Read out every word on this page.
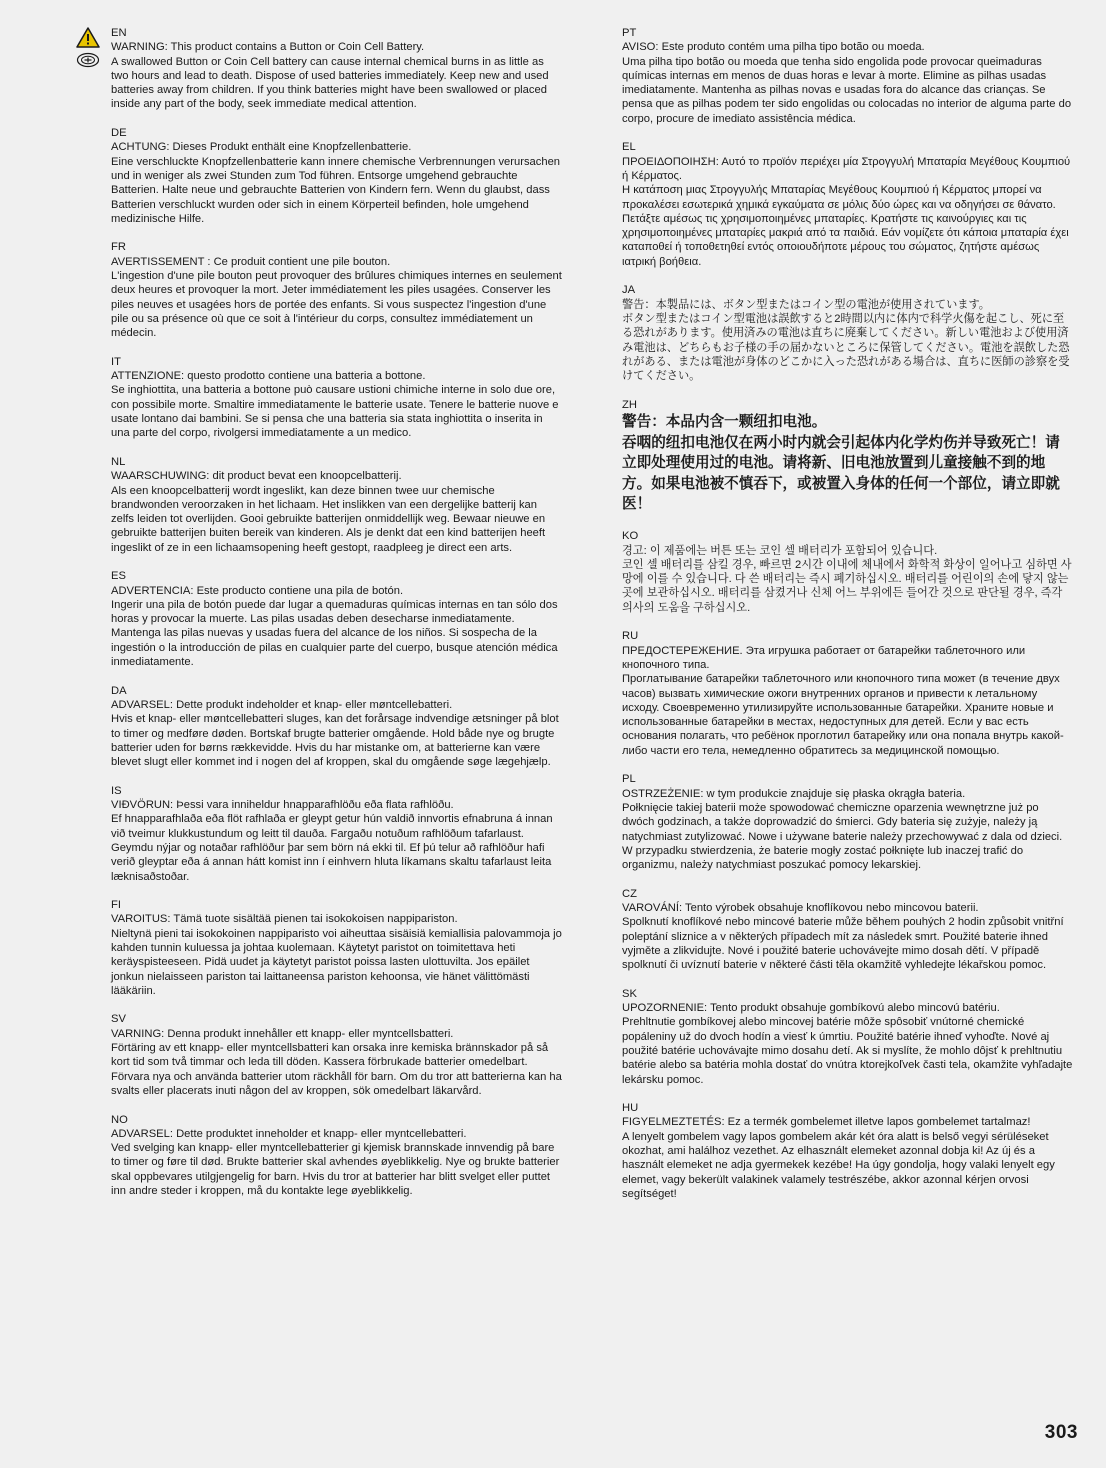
EN

WARNING: This product contains a Button or Coin Cell Battery.
A swallowed Button or Coin Cell battery can cause internal chemical burns in as little as two hours and lead to death. Dispose of used batteries immediately. Keep new and used batteries away from children. If you think batteries might have been swallowed or placed inside any part of the body, seek immediate medical attention.

DE

ACHTUNG: Dieses Produkt enthält eine Knopfzellenbatterie.
Eine verschluckte Knopfzellenbatterie kann innere chemische Verbrennungen verursachen und in weniger als zwei Stunden zum Tod führen. Entsorge umgehend gebrauchte Batterien. Halte neue und gebrauchte Batterien von Kindern fern. Wenn du glaubst, dass Batterien verschluckt wurden oder sich in einem Körperteil befinden, hole umgehend medizinische Hilfe.

FR

AVERTISSEMENT : Ce produit contient une pile bouton.
L'ingestion d'une pile bouton peut provoquer des brûlures chimiques internes en seulement deux heures et provoquer la mort. Jeter immédiatement les piles usagées. Conserver les piles neuves et usagées hors de portée des enfants. Si vous suspectez l'ingestion d'une pile ou sa présence où que ce soit à l'intérieur du corps, consultez immédiatement un médecin.

IT

ATTENZIONE: questo prodotto contiene una batteria a bottone.
Se inghiottita, una batteria a bottone può causare ustioni chimiche interne in solo due ore, con possibile morte. Smaltire immediatamente le batterie usate. Tenere le batterie nuove e usate lontano dai bambini. Se si pensa che una batteria sia stata inghiottita o inserita in una parte del corpo, rivolgersi immediatamente a un medico.

NL

WAARSCHUWING: dit product bevat een knoopcelbatterij.
Als een knoopcelbatterij wordt ingeslikt, kan deze binnen twee uur chemische brandwonden veroorzaken in het lichaam. Het inslikken van een dergelijke batterij kan zelfs leiden tot overlijden. Gooi gebruikte batterijen onmiddellijk weg. Bewaar nieuwe en gebruikte batterijen buiten bereik van kinderen. Als je denkt dat een kind batterijen heeft ingeslikt of ze in een lichaamsopening heeft gestopt, raadpleeg je direct een arts.

ES

ADVERTENCIA: Este producto contiene una pila de botón.
Ingerir una pila de botón puede dar lugar a quemaduras químicas internas en tan sólo dos horas y provocar la muerte. Las pilas usadas deben desecharse inmediatamente. Mantenga las pilas nuevas y usadas fuera del alcance de los niños. Si sospecha de la ingestión o la introducción de pilas en cualquier parte del cuerpo, busque atención médica inmediatamente.

DA

ADVARSEL: Dette produkt indeholder et knap- eller møntcellebatteri.
Hvis et knap- eller møntcellebatteri sluges, kan det forårsage indvendige ætsninger på blot to timer og medføre døden. Bortskaf brugte batterier omgående. Hold både nye og brugte batterier uden for børns rækkevidde. Hvis du har mistanke om, at batterierne kan være blevet slugt eller kommet ind i nogen del af kroppen, skal du omgående søge lægehjælp.

IS

VIÐVÖRUN: Þessi vara inniheldur hnapparafhlöðu eða flata rafhlöðu.
Ef hnapparafhlaða eða flöt rafhlaða er gleypt getur hún valdið innvortis efnabruna á innan við tveimur klukkustundum og leitt til dauða. Fargaðu notuðum rafhlöðum tafarlaust. Geymdu nýjar og notaðar rafhlöður þar sem börn ná ekki til. Ef þú telur að rafhlöður hafi verið gleyptar eða á annan hátt komist inn í einhvern hluta líkamans skaltu tafarlaust leita læknisaðstoðar.

FI

VAROITUS: Tämä tuote sisältää pienen tai isokokoisen nappipariston.
Nieltynä pieni tai isokokoinen nappiparisto voi aiheuttaa sisäisiä kemiallisia palovammoja jo kahden tunnin kuluessa ja johtaa kuolemaan. Käytetyt paristot on toimitettava heti keräyspisteeseen. Pidä uudet ja käytetyt paristot poissa lasten ulottuvilta. Jos epäilet jonkun nielaisseen pariston tai laittaneensa pariston kehoonsa, vie hänet välittömästi lääkäriin.

SV

VARNING: Denna produkt innehåller ett knapp- eller myntcellsbatteri.
Förtäring av ett knapp- eller myntcellsbatteri kan orsaka inre kemiska brännskador på så kort tid som två timmar och leda till döden. Kassera förbrukade batterier omedelbart. Förvara nya och använda batterier utom räckhåll för barn. Om du tror att batterierna kan ha svalts eller placerats inuti någon del av kroppen, sök omedelbart läkarvård.

NO

ADVARSEL: Dette produktet inneholder et knapp- eller myntcellebatteri.
Ved svelging kan knapp- eller myntcellebatterier gi kjemisk brannskade innvendig på bare to timer og føre til død. Brukte batterier skal avhendes øyeblikkelig. Nye og brukte batterier skal oppbevares utilgjengelig for barn. Hvis du tror at batterier har blitt svelget eller puttet inn andre steder i kroppen, må du kontakte lege øyeblikkelig.

PT

AVISO: Este produto contém uma pilha tipo botão ou moeda.
Uma pilha tipo botão ou moeda que tenha sido engolida pode provocar queimaduras químicas internas em menos de duas horas e levar à morte. Elimine as pilhas usadas imediatamente. Mantenha as pilhas novas e usadas fora do alcance das crianças. Se pensa que as pilhas podem ter sido engolidas ou colocadas no interior de alguma parte do corpo, procure de imediato assistência médica.

EL

ΠΡΟΕΙΔΟΠΟΙΗΣΗ: Αυτό το προϊόν περιέχει μία Στρογγυλή Μπαταρία Μεγέθους Κουμπιού ή Κέρματος.
Η κατάποση μιας Στρογγυλής Μπαταρίας Μεγέθους Κουμπιού ή Κέρματος μπορεί να προκαλέσει εσωτερικά χημικά εγκαύματα σε μόλις δύο ώρες και να οδηγήσει σε θάνατο. Πετάξτε αμέσως τις χρησιμοποιημένες μπαταρίες. Κρατήστε τις καινούργιες και τις χρησιμοποιημένες μπαταρίες μακριά από τα παιδιά. Εάν νομίζετε ότι κάποια μπαταρία έχει καταποθεί ή τοποθετηθεί εντός οποιουδήποτε μέρους του σώματος, ζητήστε αμέσως ιατρική βοήθεια.

JA

警告：本製品には、ボタン型またはコイン型の電池が使用されています。
ボタン型またはコイン型電池は誤飲すると2時間以内に体内で科学火傷を起こし、死に至る恐れがあります。使用済みの電池は直ちに廃棄してください。新しい電池および使用済み電池は、どちらもお子様の手の届かないところに保管してください。電池を誤飲した恐れがある、または電池が身体のどこかに入った恐れがある場合は、直ちに医師の診察を受けてください。

ZH

警告：本品内含一颗纽扣电池。
吞咽的纽扣电池仅在两小时内就会引起体内化学灼伤并导致死亡！请立即处理使用过的电池。请将新、旧电池放置到儿童接触不到的地方。如果电池被不慎吞下，或被置入身体的任何一个部位，请立即就医！

KO

경고: 이 제품에는 버튼 또는 코인 셀 배터리가 포함되어 있습니다.
코인 셀 배터리를 삼킬 경우, 빠르면 2시간 이내에 체내에서 화학적 화상이 일어나고 심하면 사망에 이를 수 있습니다. 다 쓴 배터리는 즉시 폐기하십시오. 배터리를 어린이의 손에 닿지 않는 곳에 보관하십시오. 배터리를 삼켰거나 신체 어느 부위에든 들어간 것으로 판단될 경우, 즉각 의사의 도움을 구하십시오.

RU

ПРЕДОСТЕРЕЖЕНИЕ. Эта игрушка работает от батарейки таблеточного или кнопочного типа.
Проглатывание батарейки таблеточного или кнопочного типа может (в течение двух часов) вызвать химические ожоги внутренних органов и привести к летальному исходу. Своевременно утилизируйте использованные батарейки. Храните новые и использованные батарейки в местах, недоступных для детей. Если у вас есть основания полагать, что ребёнок проглотил батарейку или она попала внутрь какой-либо части его тела, немедленно обратитесь за медицинской помощью.

PL

OSTRZEŻENIE: w tym produkcie znajduje się płaska okrągła bateria.
Połknięcie takiej baterii może spowodować chemiczne oparzenia wewnętrzne już po dwóch godzinach, a także doprowadzić do śmierci. Gdy bateria się zużyje, należy ją natychmiast zutylizować. Nowe i używane baterie należy przechowywać z dala od dzieci. W przypadku stwierdzenia, że baterie mogły zostać połknięte lub inaczej trafić do organizmu, należy natychmiast poszukać pomocy lekarskiej.

CZ

VAROVÁNÍ: Tento výrobek obsahuje knoflíkovou nebo mincovou baterii.
Spolknutí knoflíkové nebo mincové baterie může během pouhých 2 hodin způsobit vnitřní poleptání sliznice a v některých případech mít za následek smrt. Použité baterie ihned vyjměte a zlikvidujte. Nové i použité baterie uchovávejte mimo dosah dětí. V případě spolknutí či uvíznutí baterie v některé části těla okamžitě vyhledejte lékařskou pomoc.

SK

UPOZORNENIE: Tento produkt obsahuje gombíkovú alebo mincovú batériu.
Prehltnutie gombíkovej alebo mincovej batérie môže spôsobiť vnútorné chemické popáleniny už do dvoch hodín a viesť k úmrtiu. Použité batérie ihneď vyhoďte. Nové aj použité batérie uchovávajte mimo dosahu detí. Ak si myslíte, že mohlo dôjsť k prehltnutiu batérie alebo sa batéria mohla dostať do vnútra ktorejkoľvek časti tela, okamžite vyhľadajte lekársku pomoc.

HU

FIGYELMEZTETÉS: Ez a termék gombelemet illetve lapos gombelemet tartalmaz!
A lenyelt gombelem vagy lapos gombelem akár két óra alatt is belső vegyi sérüléseket okozhat, ami halálhoz vezethet. Az elhasznált elemeket azonnal dobja ki! Az új és a használt elemeket ne adja gyermekek kezébe! Ha úgy gondolja, hogy valaki lenyelt egy elemet, vagy bekerült valakinek valamely testrészébe, akkor azonnal kérjen orvosi segítséget!

303
